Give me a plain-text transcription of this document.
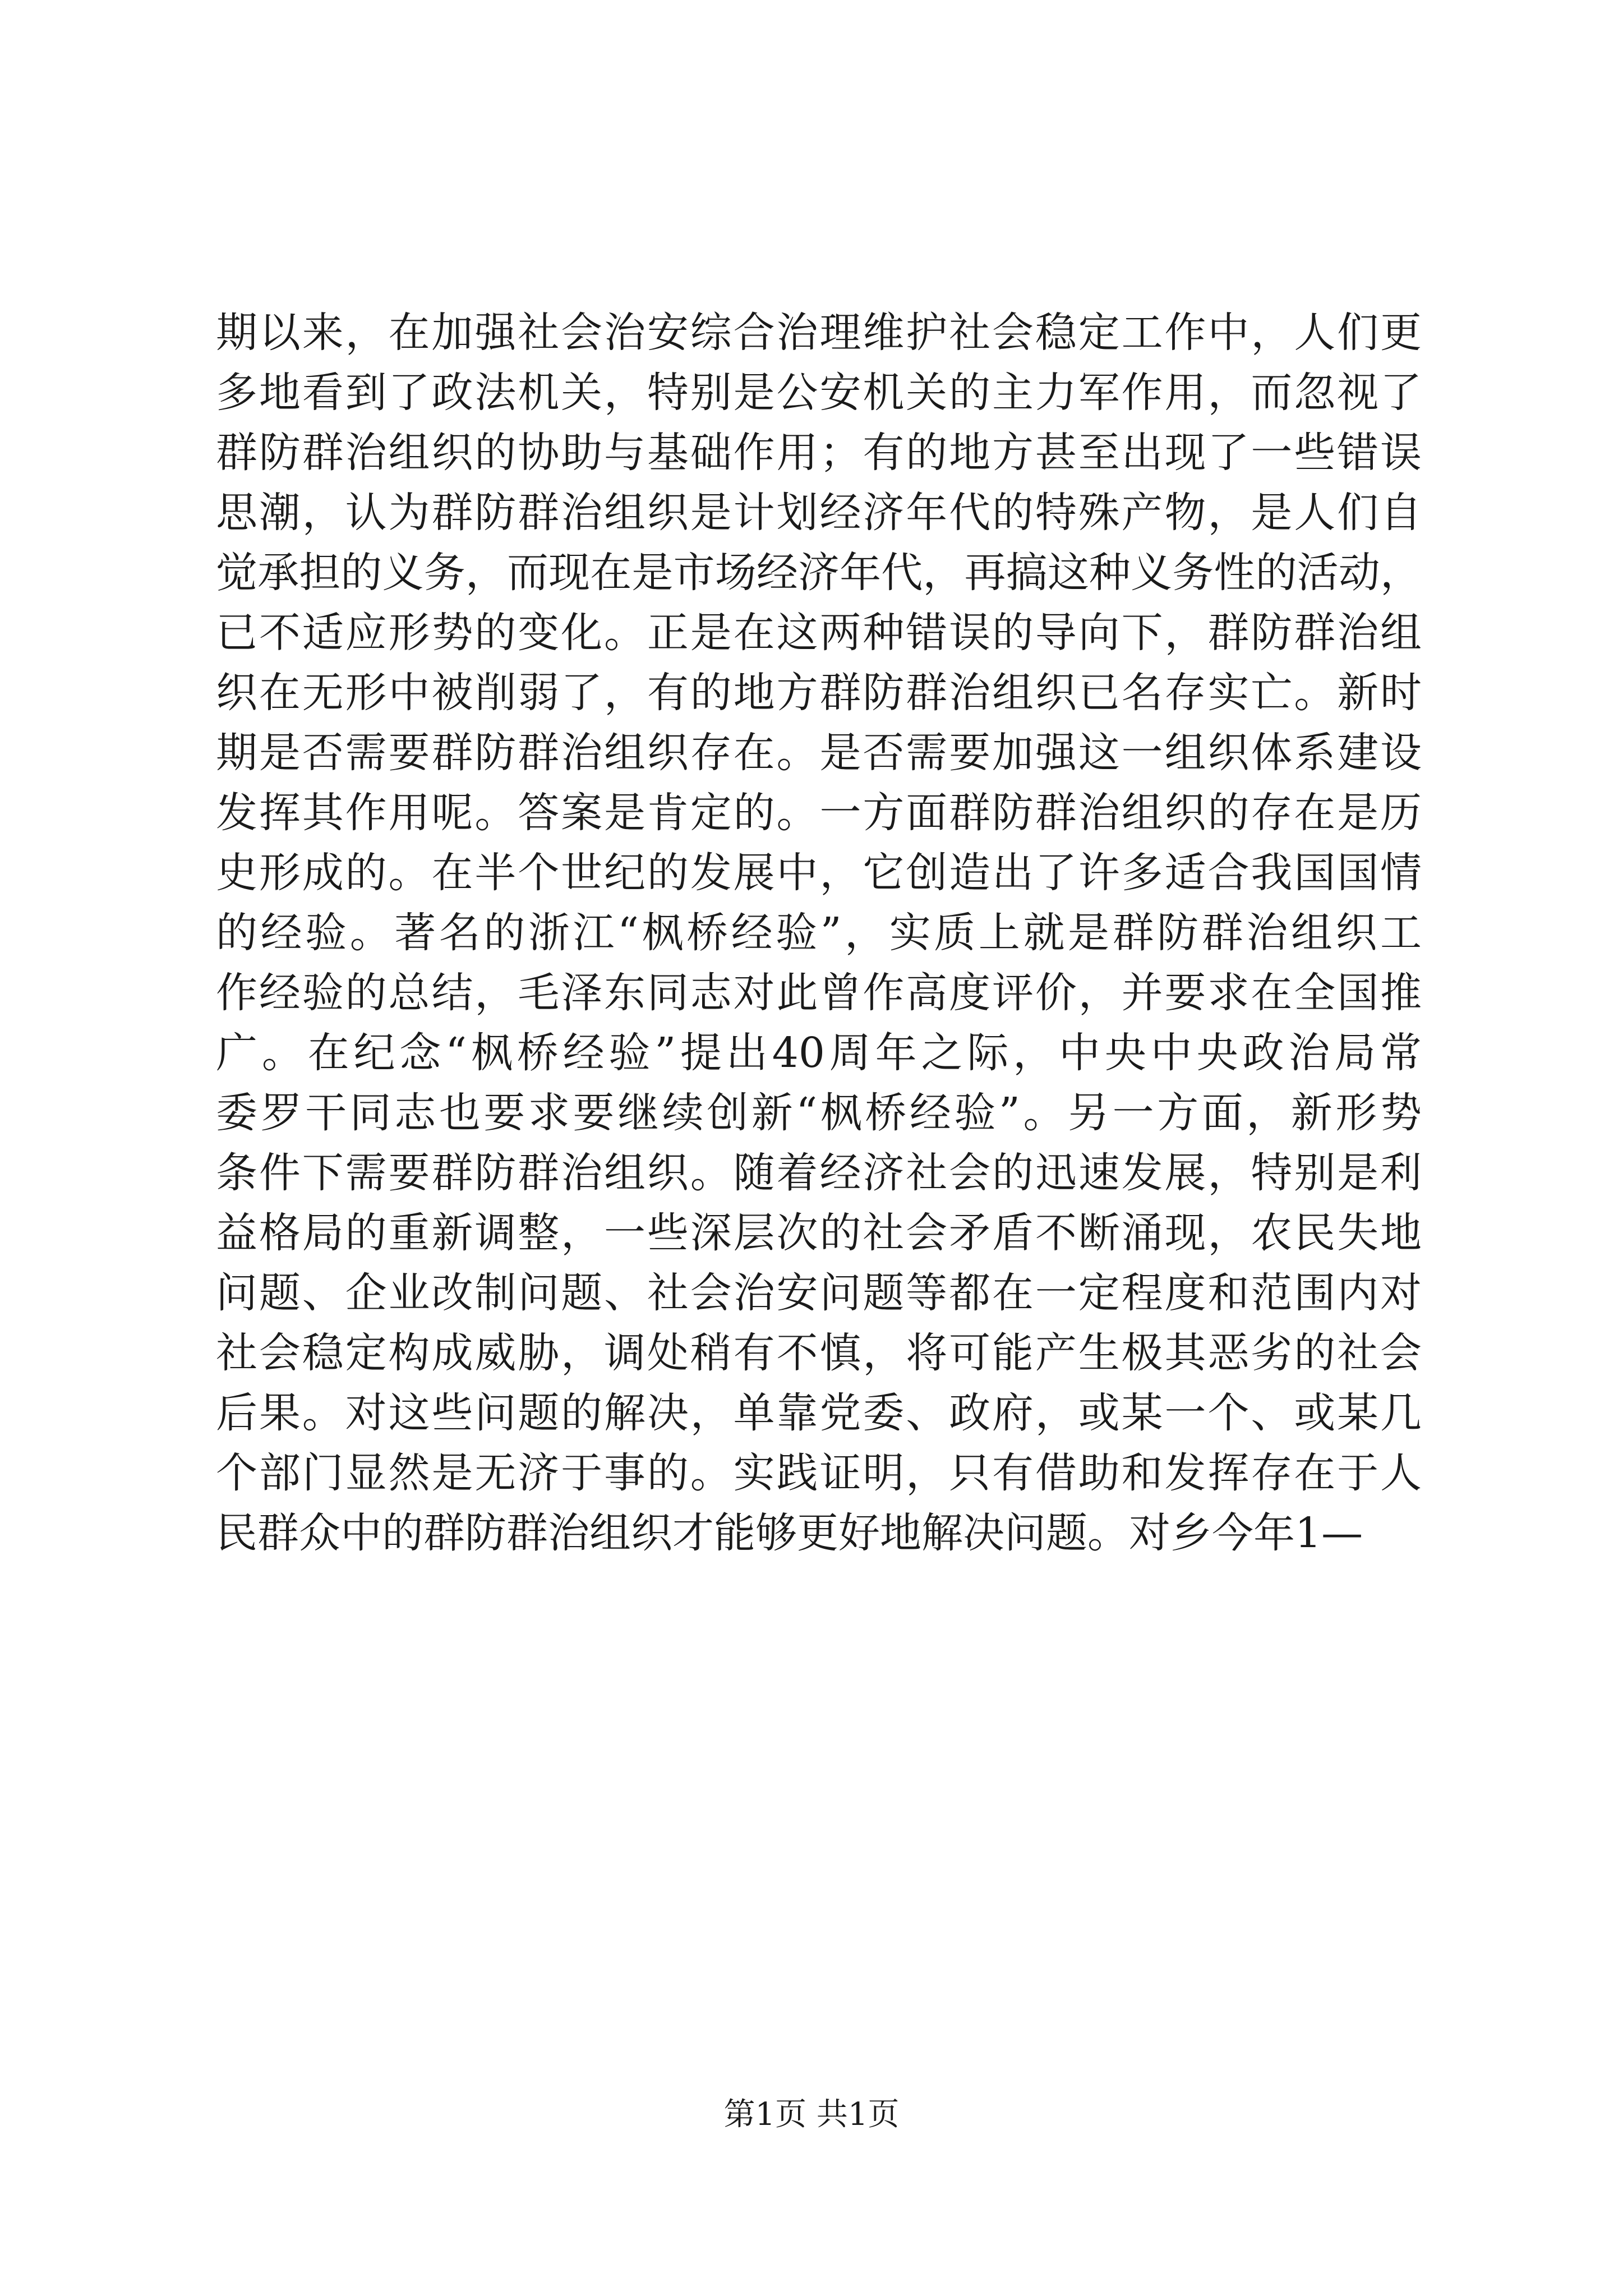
期以来，在加强社会治安综合治理维护社会稳定工作中，人们更
多地看到了政法机关，特别是公安机关的主力军作用，而忽视了
群防群治组织的协助与基础作用；有的地方甚至出现了一些错误
思潮，认为群防群治组织是计划经济年代的特殊产物，是人们自
觉承担的义务，而现在是市场经济年代，再搞这种义务性的活动，
已不适应形势的变化。正是在这两种错误的导向下，群防群治组
织在无形中被削弱了，有的地方群防群治组织已名存实亡。新时
期是否需要群防群治组织存在。是否需要加强这一组织体系建设
发挥其作用呢。答案是肯定的。一方面群防群治组织的存在是历
史形成的。在半个世纪的发展中，它创造出了许多适合我国国情
的经验。著名的浙江“枫桥经验”，实质上就是群防群治组织工
作经验的总结，毛泽东同志对此曾作高度评价，并要求在全国推
广。在纪念“枫桥经验”提出40周年之际，中央中央政治局常
委罗干同志也要求要继续创新“枫桥经验”。另一方面，新形势
条件下需要群防群治组织。随着经济社会的迅速发展，特别是利
益格局的重新调整，一些深层次的社会矛盾不断涌现，农民失地
问题、企业改制问题、社会治安问题等都在一定程度和范围内对
社会稳定构成威胁，调处稍有不慎，将可能产生极其恶劣的社会
后果。对这些问题的解决，单靠党委、政府，或某一个、或某几
个部门显然是无济于事的。实践证明，只有借助和发挥存在于人
民群众中的群防群治组织才能够更好地解决问题。对乡今年1—
第1页 共1页
